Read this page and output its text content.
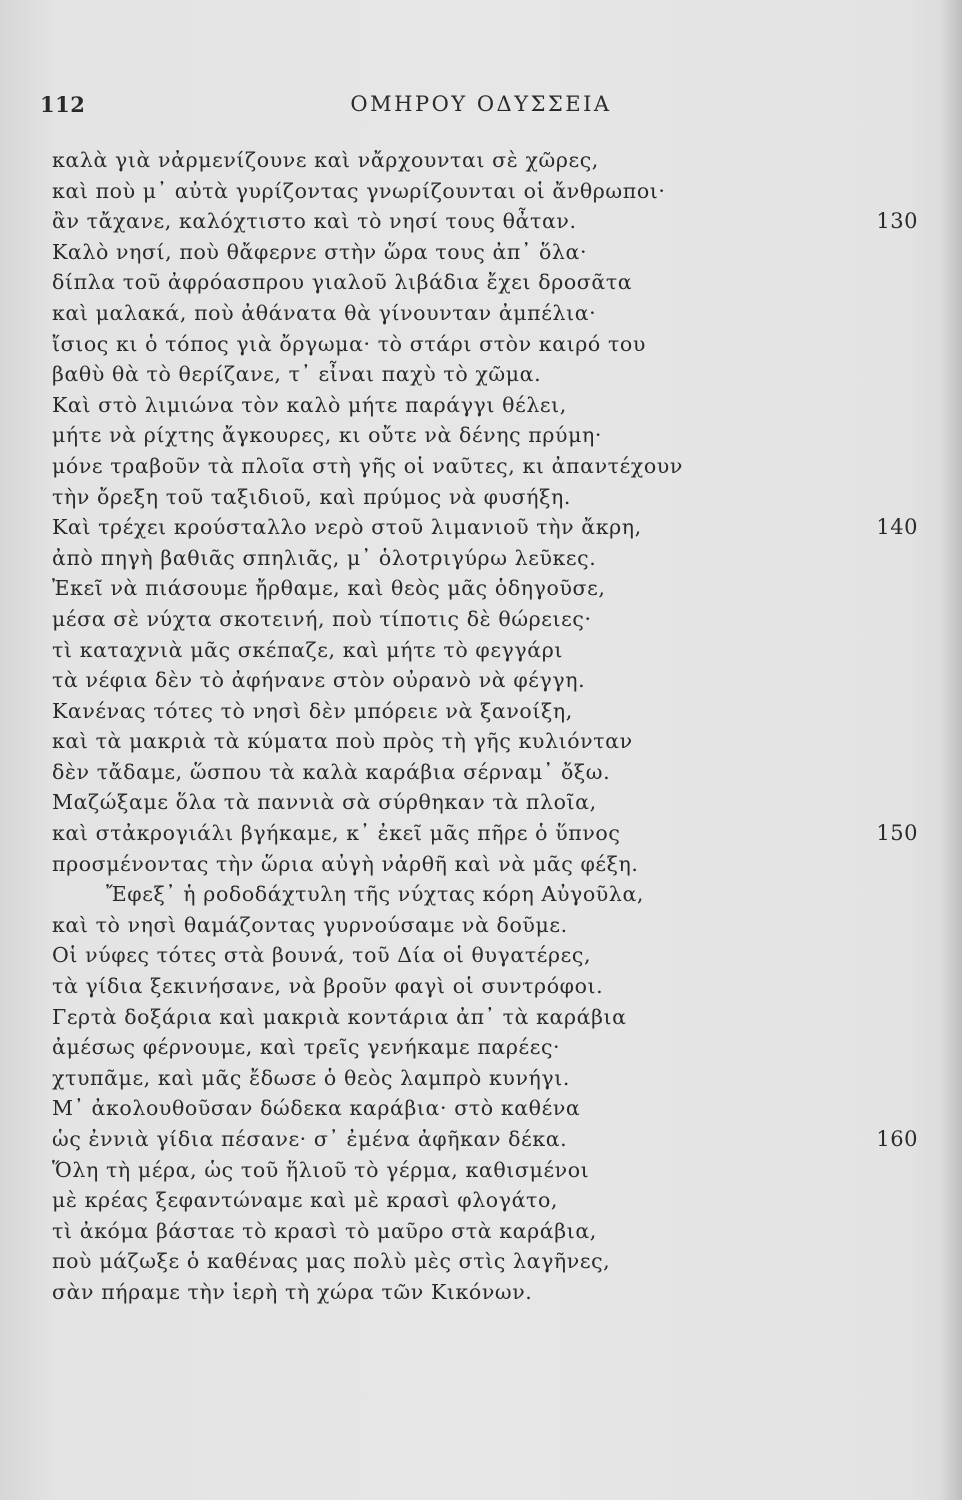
112	ΟΜΗΡΟΥ ΟΔΥΣΣΕΙΑ
καλὰ γιὰ νἀρμενίζουνε καὶ νἄρχουνται σὲ χῶρες,
καὶ ποὺ μ᾿ αὐτὰ γυρίζοντας γνωρίζουνται οἱ ἄνθρωποι·
ἂν τἄχανε, καλόχτιστο καὶ τὸ νησί τους θἆταν.	130
Καλὸ νησί, ποὺ θἄφερνε στὴν ὥρα τους ἀπ᾿ ὅλα·
δίπλα τοῦ ἀφρόασπρου γιαλοῦ λιβάδια ἔχει δροσᾶτα
καὶ μαλακά, ποὺ ἀθάνατα θὰ γίνουνταν ἀμπέλια·
ἴσιος κι ὁ τόπος γιὰ ὄργωμα· τὸ στάρι στὸν καιρό του
βαθὺ θὰ τὸ θερίζανε, τ᾿ εἶναι παχὺ τὸ χῶμα.
Καὶ στὸ λιμιώνα τὸν καλὸ μήτε παράγγι θέλει,
μήτε νὰ ρίχτης ἄγκουρες, κι οὔτε νὰ δένης πρύμη·
μόνε τραβοῦν τὰ πλοῖα στὴ γῆς οἱ ναῦτες, κι ἀπαντέχουν
τὴν ὄρεξη τοῦ ταξιδιοῦ, καὶ πρύμος νὰ φυσήξη.
Καὶ τρέχει κρούσταλλο νερὸ στοῦ λιμανιοῦ τὴν ἄκρη,	140
ἀπὸ πηγὴ βαθιᾶς σπηλιᾶς, μ᾿ ὁλοτριγύρω λεῦκες.
Ἐκεῖ νὰ πιάσουμε ἤρθαμε, καὶ θεὸς μᾶς ὁδηγοῦσε,
μέσα σὲ νύχτα σκοτεινή, ποὺ τίποτις δὲ θώρειες·
τὶ καταχνιὰ μᾶς σκέπαζε, καὶ μήτε τὸ φεγγάρι
τὰ νέφια δὲν τὸ ἀφήνανε στὸν οὐρανὸ νὰ φέγγη.
Κανένας τότες τὸ νησὶ δὲν μπόρειε νὰ ξανοίξη,
καὶ τὰ μακριὰ τὰ κύματα ποὺ πρὸς τὴ γῆς κυλιόνταν
δὲν τἄδαμε, ὥσπου τὰ καλὰ καράβια σέρναμ᾿ ὄξω.
Μαζώξαμε ὅλα τὰ παννιὰ σὰ σύρθηκαν τὰ πλοῖα,
καὶ στἀκρογιάλι βγήκαμε, κ᾿ ἐκεῖ μᾶς πῆρε ὁ ὕπνος	150
προσμένοντας τὴν ὥρια αὐγὴ νἀρθῆ καὶ νὰ μᾶς φέξη.
Ἔφεξ᾿ ἡ ροδοδάχτυλη τῆς νύχτας κόρη Αὐγοῦλα,
καὶ τὸ νησὶ θαμάζοντας γυρνούσαμε νὰ δοῦμε.
Οἱ νύφες τότες στὰ βουνά, τοῦ Δία οἱ θυγατέρες,
τὰ γίδια ξεκινήσανε, νὰ βροῦν φαγὶ οἱ συντρόφοι.
Γερτὰ δοξάρια καὶ μακριὰ κοντάρια ἀπ᾿ τὰ καράβια
ἀμέσως φέρνουμε, καὶ τρεῖς γενήκαμε παρέες·
χτυπᾶμε, καὶ μᾶς ἔδωσε ὁ θεὸς λαμπρὸ κυνήγι.
Μ᾿ ἀκολουθοῦσαν δώδεκα καράβια· στὸ καθένα
ὡς ἐννιὰ γίδια πέσανε· σ᾿ ἐμένα ἀφῆκαν δέκα.	160
Ὅλη τὴ μέρα, ὡς τοῦ ἥλιοῦ τὸ γέρμα, καθισμένοι
μὲ κρέας ξεφαντώναμε καὶ μὲ κρασὶ φλογάτο,
τὶ ἀκόμα βάσταε τὸ κρασὶ τὸ μαῦρο στὰ καράβια,
ποὺ μάζωξε ὁ καθένας μας πολὺ μὲς στὶς λαγῆνες,
σὰν πήραμε τὴν ἱερὴ τὴ χώρα τῶν Κικόνων.
